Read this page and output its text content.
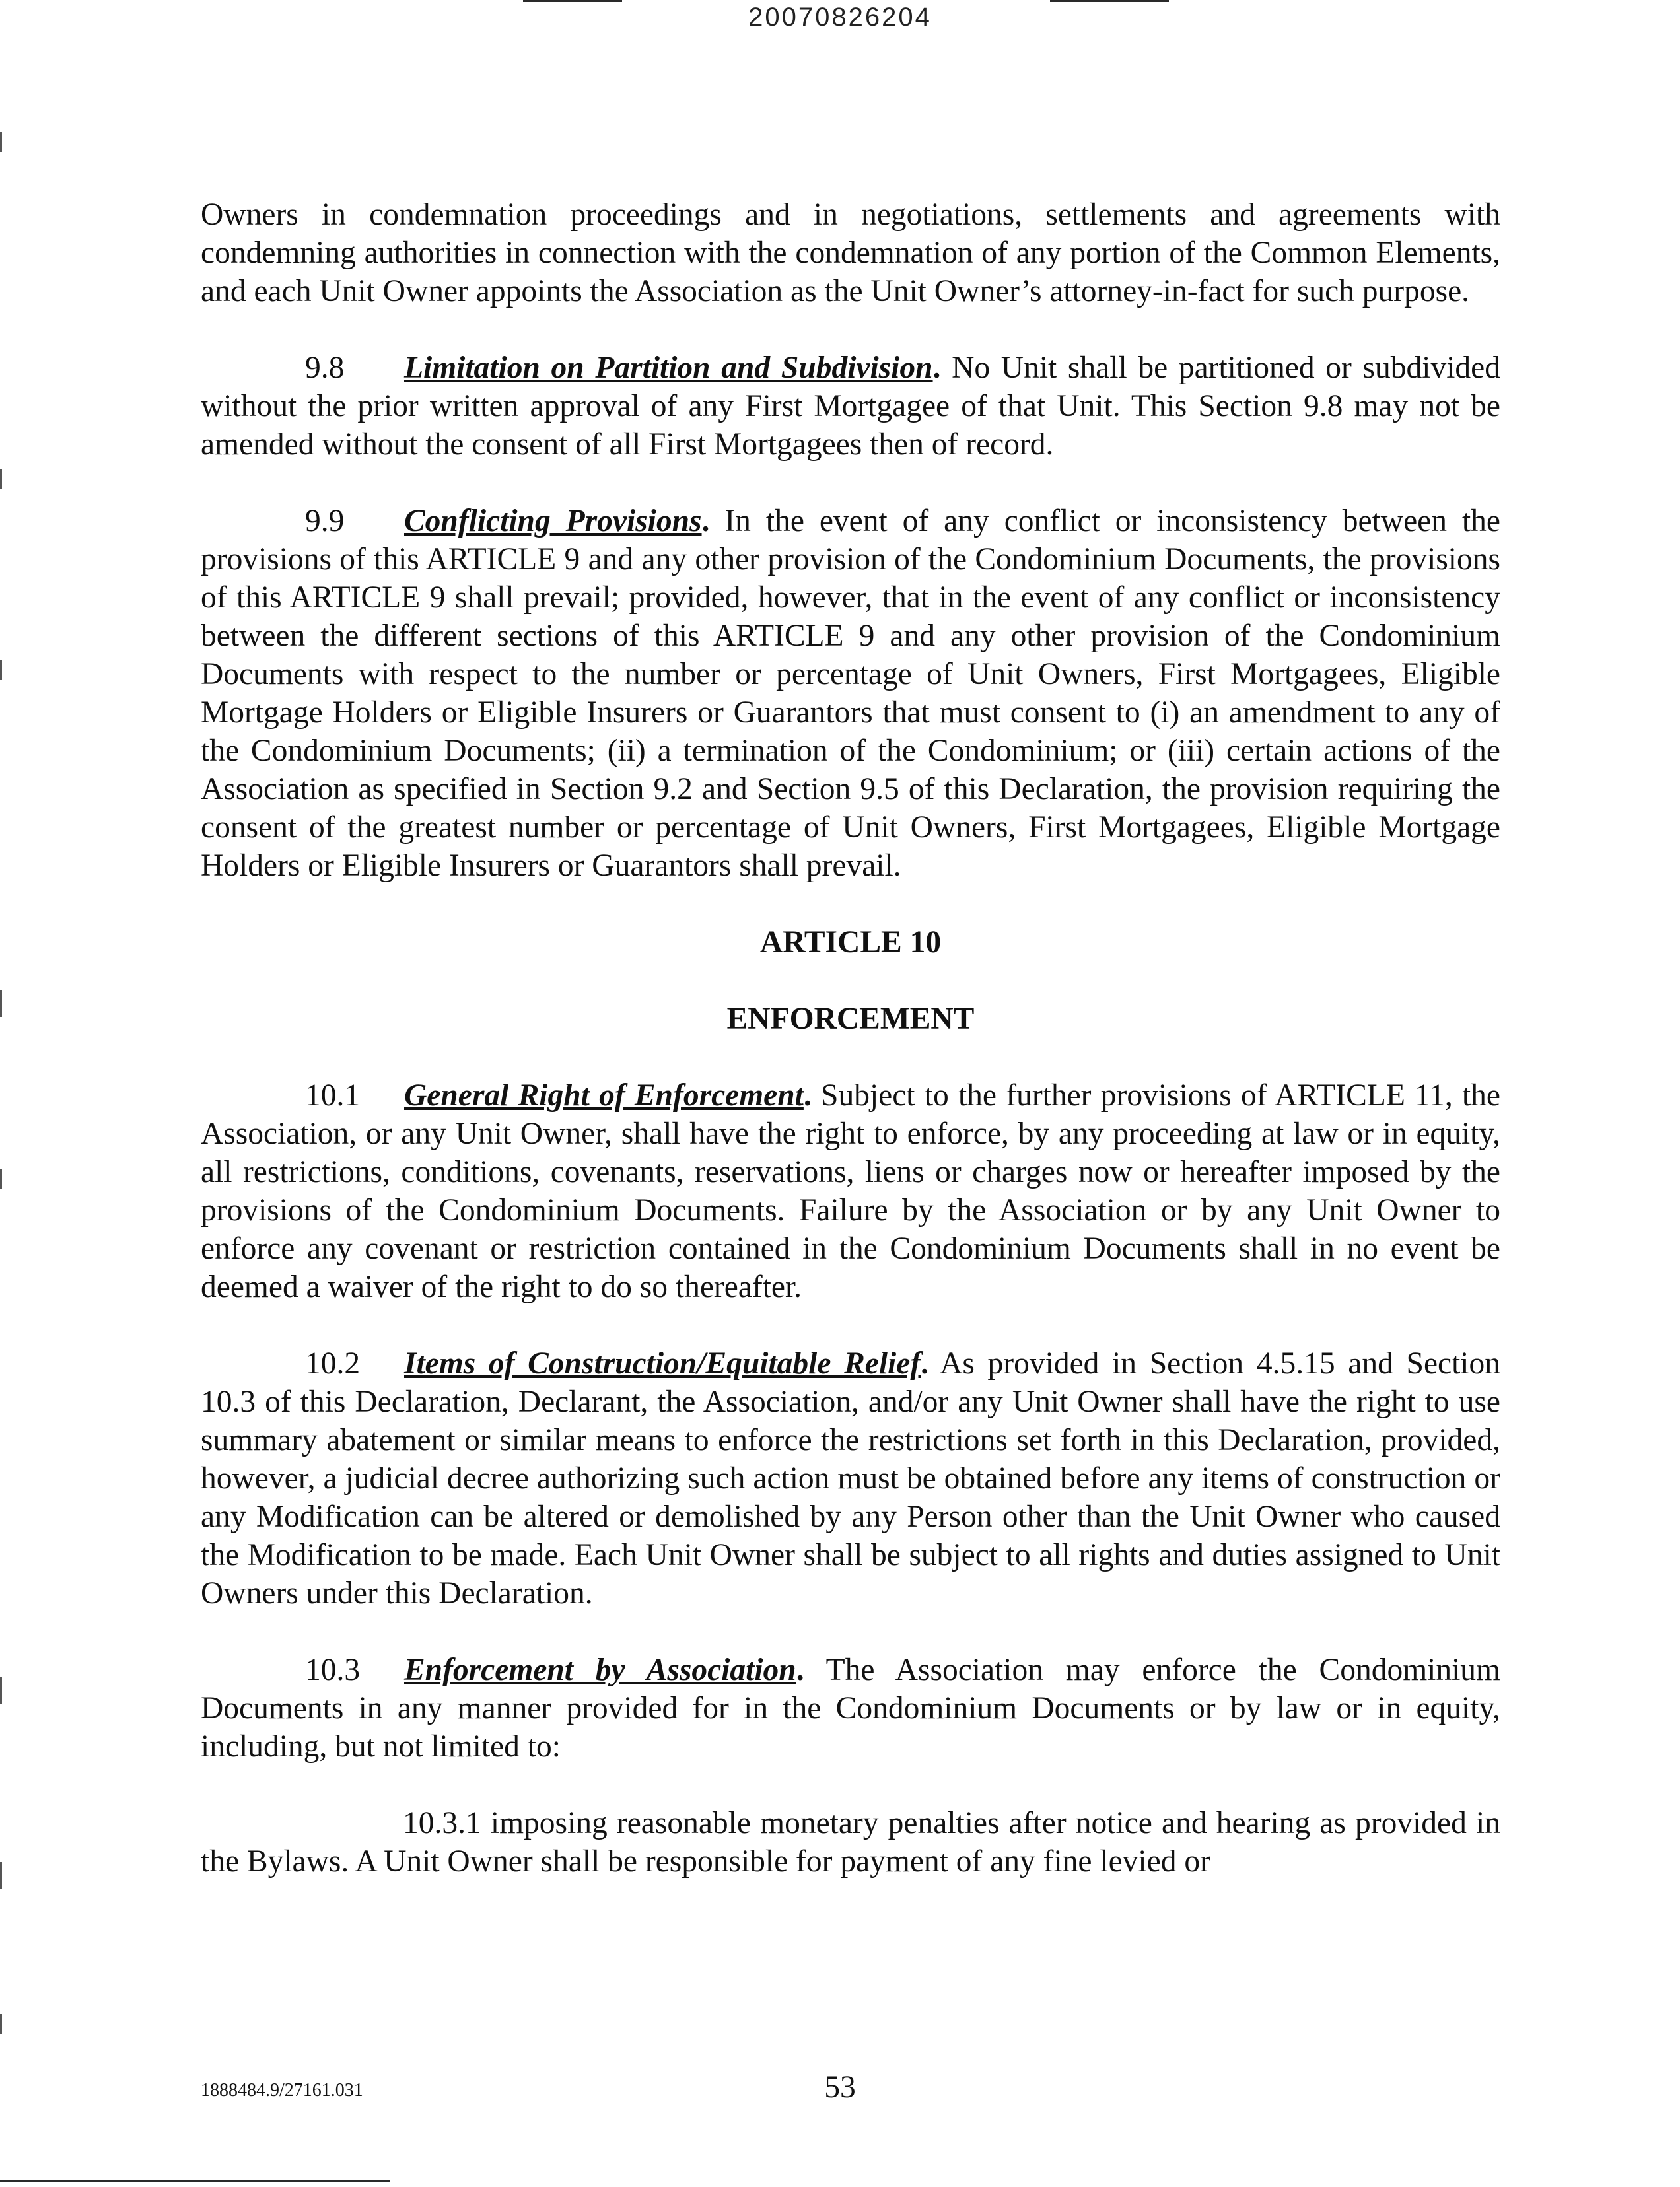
20070826204

Owners in condemnation proceedings and in negotiations, settlements and agreements with condemning authorities in connection with the condemnation of any portion of the Common Elements, and each Unit Owner appoints the Association as the Unit Owner’s attorney-in-fact for such purpose.

9.8 Limitation on Partition and Subdivision. No Unit shall be partitioned or subdivided without the prior written approval of any First Mortgagee of that Unit. This Section 9.8 may not be amended without the consent of all First Mortgagees then of record.

9.9 Conflicting Provisions. In the event of any conflict or inconsistency between the provisions of this ARTICLE 9 and any other provision of the Condominium Documents, the provisions of this ARTICLE 9 shall prevail; provided, however, that in the event of any conflict or inconsistency between the different sections of this ARTICLE 9 and any other provision of the Condominium Documents with respect to the number or percentage of Unit Owners, First Mortgagees, Eligible Mortgage Holders or Eligible Insurers or Guarantors that must consent to (i) an amendment to any of the Condominium Documents; (ii) a termination of the Condominium; or (iii) certain actions of the Association as specified in Section 9.2 and Section 9.5 of this Declaration, the provision requiring the consent of the greatest number or percentage of Unit Owners, First Mortgagees, Eligible Mortgage Holders or Eligible Insurers or Guarantors shall prevail.

ARTICLE 10

ENFORCEMENT

10.1 General Right of Enforcement. Subject to the further provisions of ARTICLE 11, the Association, or any Unit Owner, shall have the right to enforce, by any proceeding at law or in equity, all restrictions, conditions, covenants, reservations, liens or charges now or hereafter imposed by the provisions of the Condominium Documents. Failure by the Association or by any Unit Owner to enforce any covenant or restriction contained in the Condominium Documents shall in no event be deemed a waiver of the right to do so thereafter.

10.2 Items of Construction/Equitable Relief. As provided in Section 4.5.15 and Section 10.3 of this Declaration, Declarant, the Association, and/or any Unit Owner shall have the right to use summary abatement or similar means to enforce the restrictions set forth in this Declaration, provided, however, a judicial decree authorizing such action must be obtained before any items of construction or any Modification can be altered or demolished by any Person other than the Unit Owner who caused the Modification to be made. Each Unit Owner shall be subject to all rights and duties assigned to Unit Owners under this Declaration.

10.3 Enforcement by Association. The Association may enforce the Condominium Documents in any manner provided for in the Condominium Documents or by law or in equity, including, but not limited to:

10.3.1 imposing reasonable monetary penalties after notice and hearing as provided in the Bylaws. A Unit Owner shall be responsible for payment of any fine levied or

1888484.9/27161.031	53
